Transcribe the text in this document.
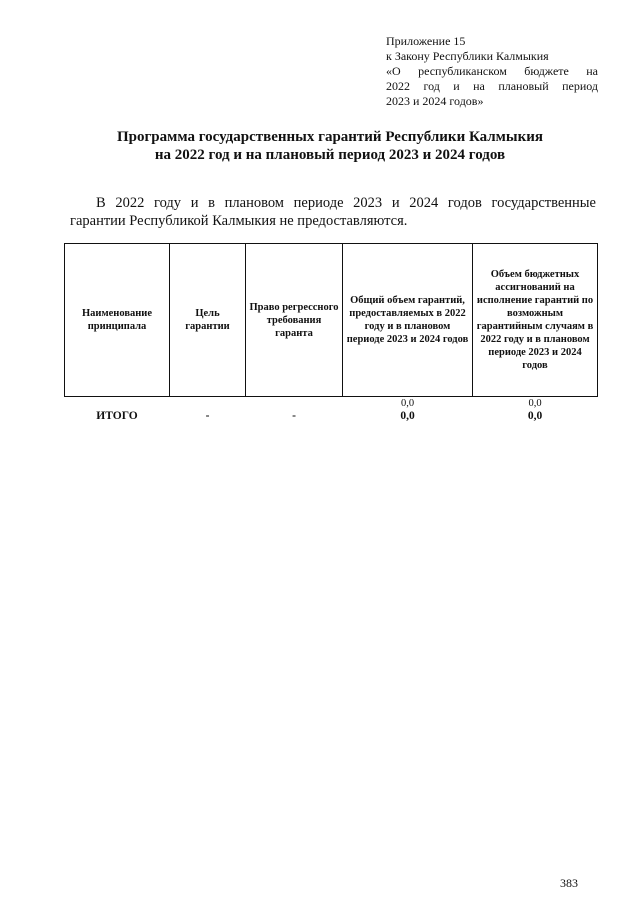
Приложение 15
к Закону Республики Калмыкия
«О республиканском бюджете на
2022 год и на плановый период
2023 и 2024 годов»
Программа государственных гарантий Республики Калмыкия
на 2022 год и на плановый период 2023 и 2024 годов
В 2022 году и в плановом периоде 2023 и 2024 годов государственные
гарантии Республикой Калмыкия не предоставляются.
Наименование принципала	Цель гарантии	Право регрессного требования гаранта	Общий объем гарантий, предоставляемых в 2022 году и в плановом периоде 2023 и 2024 годов	Объем бюджетных ассигнований на исполнение гарантий по возможным гарантийным случаям в 2022 году и в плановом периоде 2023 и 2024 годов
			0,0	0,0
ИТОГО	-	-	0,0	0,0
383
